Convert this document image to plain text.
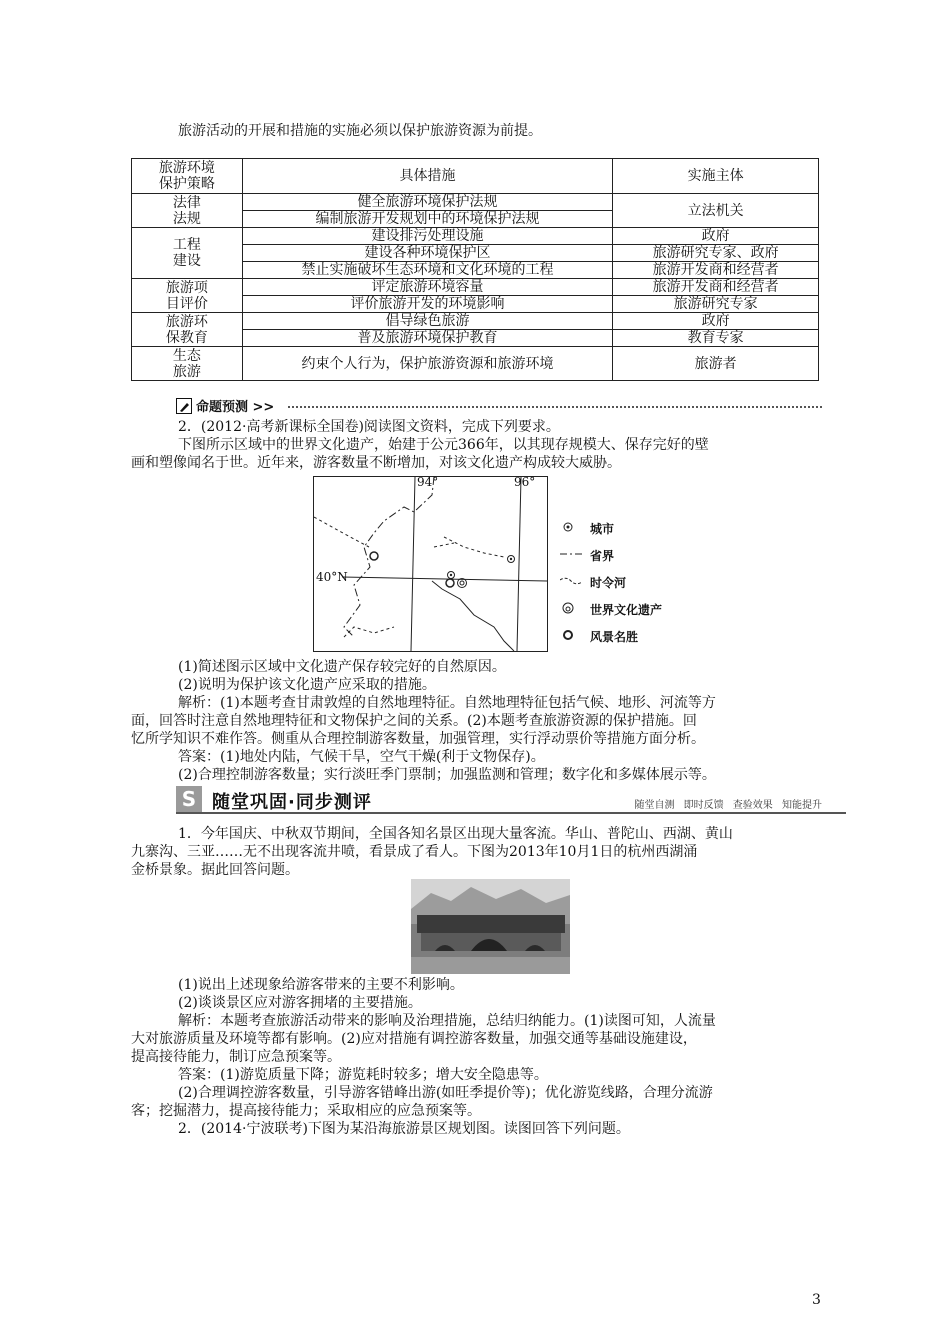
旅游活动的开展和措施的实施必须以保护旅游资源为前提。
旅游环境
保护策略	具体措施	实施主体
法律
法规	健全旅游环境保护法规	立法机关
	编制旅游开发规划中的环境保护法规	
工程
建设	建设排污处理设施	政府
	建设各种环境保护区	旅游研究专家、政府
	禁止实施破坏生态环境和文化环境的工程	旅游开发商和经营者
旅游项
目评价	评定旅游环境容量	旅游开发商和经营者
	评价旅游开发的环境影响	旅游研究专家
旅游环
保教育	倡导绿色旅游	政府
	普及旅游环境保护教育	教育专家
生态
旅游	约束个人行为，保护旅游资源和旅游环境	旅游者
命题预测 >>
2．(2012·高考新课标全国卷)阅读图文资料，完成下列要求。
下图所示区域中的世界文化遗产，始建于公元366年，以其现存规模大、保存完好的壁
画和塑像闻名于世。近年来，游客数量不断增加，对该文化遗产构成较大威胁。
94°	96°
40°N
城市
省界
时令河
世界文化遗产
风景名胜
(1)简述图示区域中文化遗产保存较完好的自然原因。
(2)说明为保护该文化遗产应采取的措施。
解析：(1)本题考查甘肃敦煌的自然地理特征。自然地理特征包括气候、地形、河流等方
面，回答时注意自然地理特征和文物保护之间的关系。(2)本题考查旅游资源的保护措施。回
忆所学知识不难作答。侧重从合理控制游客数量，加强管理，实行浮动票价等措施方面分析。
答案：(1)地处内陆，气候干旱，空气干燥(利于文物保存)。
(2)合理控制游客数量；实行淡旺季门票制；加强监测和管理；数字化和多媒体展示等。
S 随堂巩固·同步测评	随堂自测 即时反馈 查验效果 知能提升
1．今年国庆、中秋双节期间，全国各知名景区出现大量客流。华山、普陀山、西湖、黄山
九寨沟、三亚……无不出现客流井喷，看景成了看人。下图为2013年10月1日的杭州西湖涌
金桥景象。据此回答问题。
(1)说出上述现象给游客带来的主要不利影响。
(2)谈谈景区应对游客拥堵的主要措施。
解析：本题考查旅游活动带来的影响及治理措施，总结归纳能力。(1)读图可知，人流量
大对旅游质量及环境等都有影响。(2)应对措施有调控游客数量，加强交通等基础设施建设，
提高接待能力，制订应急预案等。
答案：(1)游览质量下降；游览耗时较多；增大安全隐患等。
(2)合理调控游客数量，引导游客错峰出游(如旺季提价等)；优化游览线路，合理分流游
客；挖掘潜力，提高接待能力；采取相应的应急预案等。
2．(2014·宁波联考)下图为某沿海旅游景区规划图。读图回答下列问题。
3
